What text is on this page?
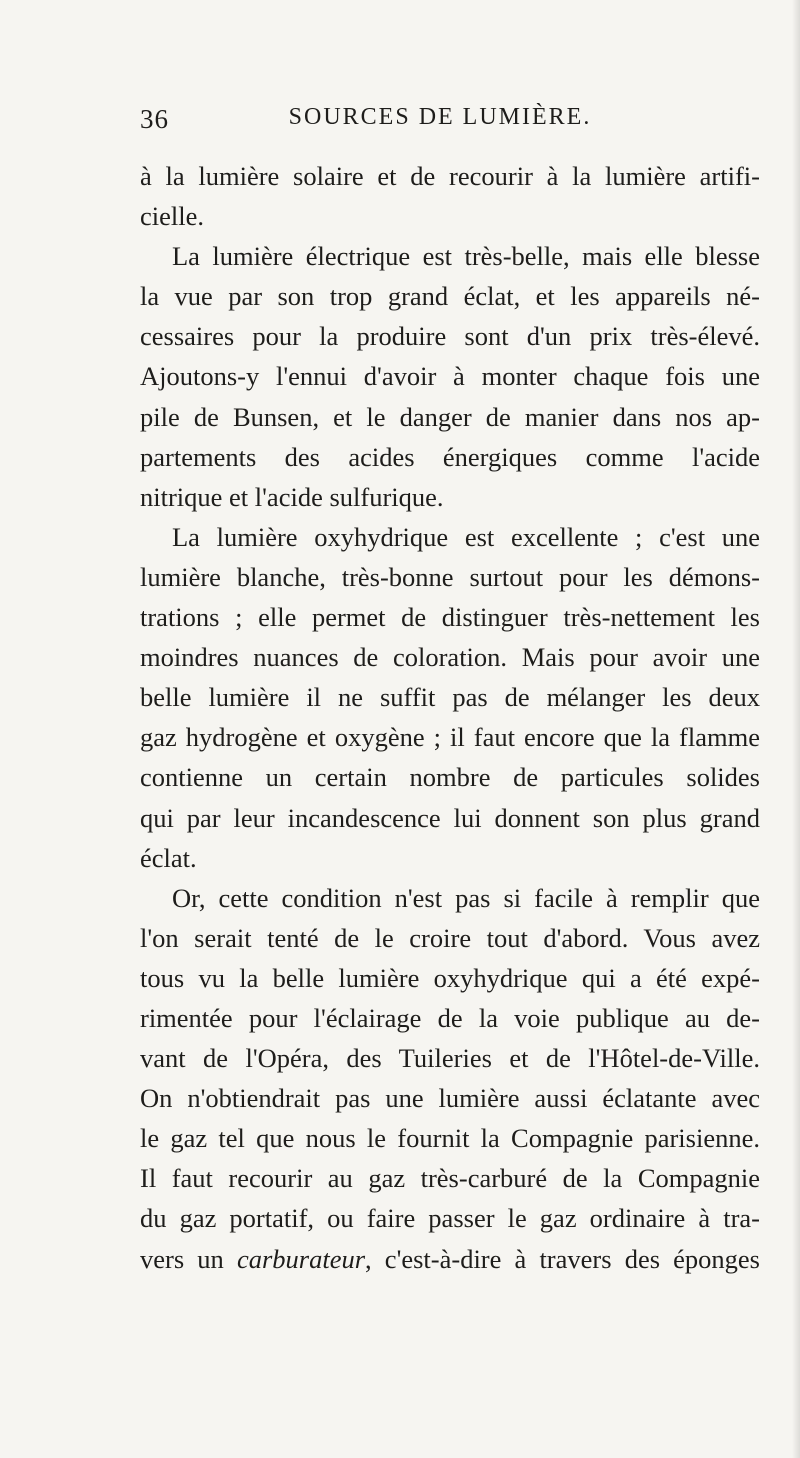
36	SOURCES DE LUMIÈRE.
à la lumière solaire et de recourir à la lumière artifi-
cielle.
La lumière électrique est très-belle, mais elle blesse
la vue par son trop grand éclat, et les appareils né-
cessaires pour la produire sont d'un prix très-élevé.
Ajoutons-y l'ennui d'avoir à monter chaque fois une
pile de Bunsen, et le danger de manier dans nos ap-
partements des acides énergiques comme l'acide
nitrique et l'acide sulfurique.
La lumière oxyhydrique est excellente ; c'est une
lumière blanche, très-bonne surtout pour les démons-
trations ; elle permet de distinguer très-nettement les
moindres nuances de coloration. Mais pour avoir une
belle lumière il ne suffit pas de mélanger les deux
gaz hydrogène et oxygène ; il faut encore que la flamme
contienne un certain nombre de particules solides
qui par leur incandescence lui donnent son plus grand
éclat.
Or, cette condition n'est pas si facile à remplir que
l'on serait tenté de le croire tout d'abord. Vous avez
tous vu la belle lumière oxyhydrique qui a été expé-
rimentée pour l'éclairage de la voie publique au de-
vant de l'Opéra, des Tuileries et de l'Hôtel-de-Ville.
On n'obtiendrait pas une lumière aussi éclatante avec
le gaz tel que nous le fournit la Compagnie parisienne.
Il faut recourir au gaz très-carburé de la Compagnie
du gaz portatif, ou faire passer le gaz ordinaire à tra-
vers un carburateur, c'est-à-dire à travers des éponges
